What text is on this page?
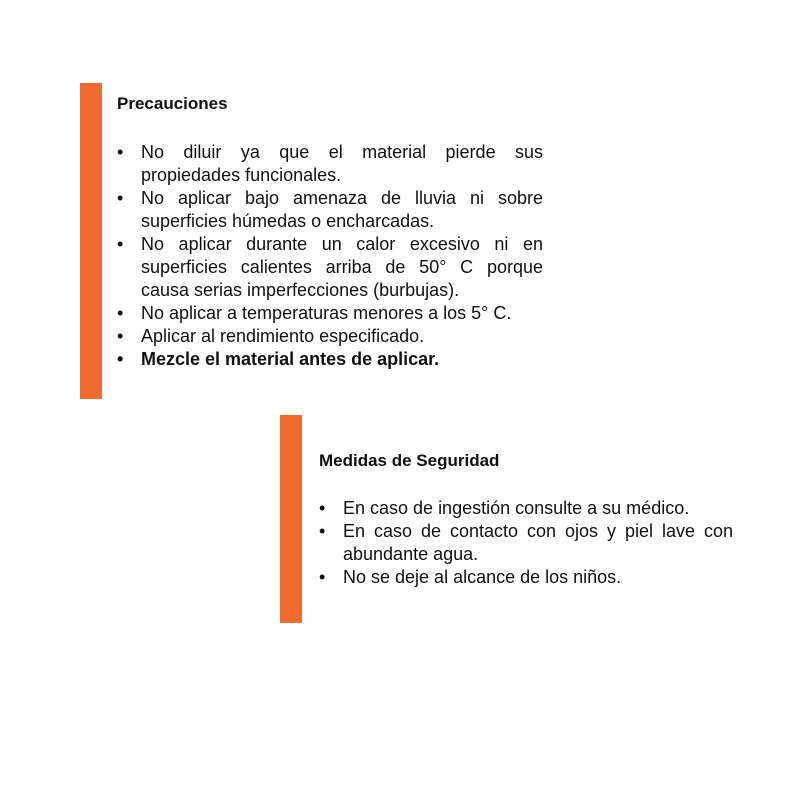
Precauciones
• No diluir ya que el material pierde sus propiedades funcionales.
• No aplicar bajo amenaza de lluvia ni sobre superficies húmedas o encharcadas.
• No aplicar durante un calor excesivo ni en superficies calientes arriba de 50° C porque causa serias imperfecciones (burbujas).
• No aplicar a temperaturas menores a los 5° C.
• Aplicar al rendimiento especificado.
• Mezcle el material antes de aplicar.
Medidas de Seguridad
• En caso de ingestión consulte a su médico.
• En caso de contacto con ojos y piel lave con abundante agua.
• No se deje al alcance de los niños.
